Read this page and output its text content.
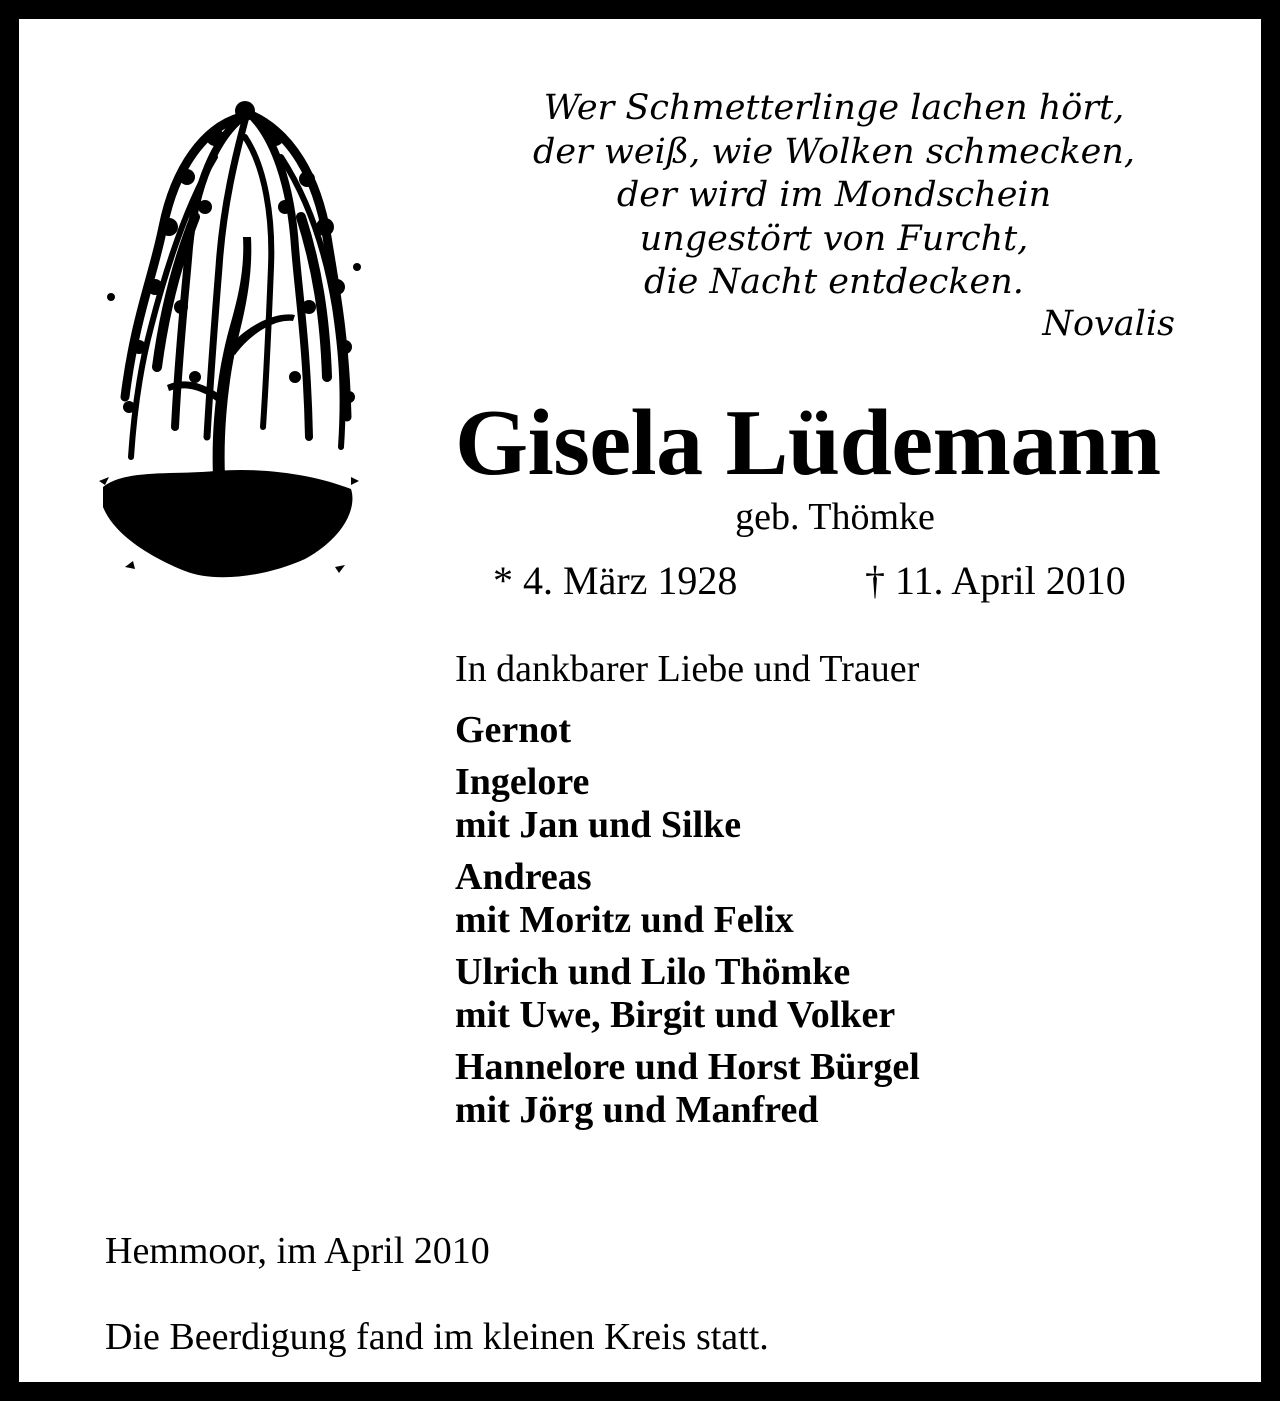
Wer Schmetterlinge lachen hört,
der weiß, wie Wolken schmecken,
der wird im Mondschein
ungestört von Furcht,
die Nacht entdecken.
Novalis
Gisela Lüdemann
geb. Thömke
* 4. März 1928	† 11. April 2010
In dankbarer Liebe und Trauer
Gernot
Ingelore
mit Jan und Silke
Andreas
mit Moritz und Felix
Ulrich und Lilo Thömke
mit Uwe, Birgit und Volker
Hannelore und Horst Bürgel
mit Jörg und Manfred
Hemmoor, im April 2010
Die Beerdigung fand im kleinen Kreis statt.
